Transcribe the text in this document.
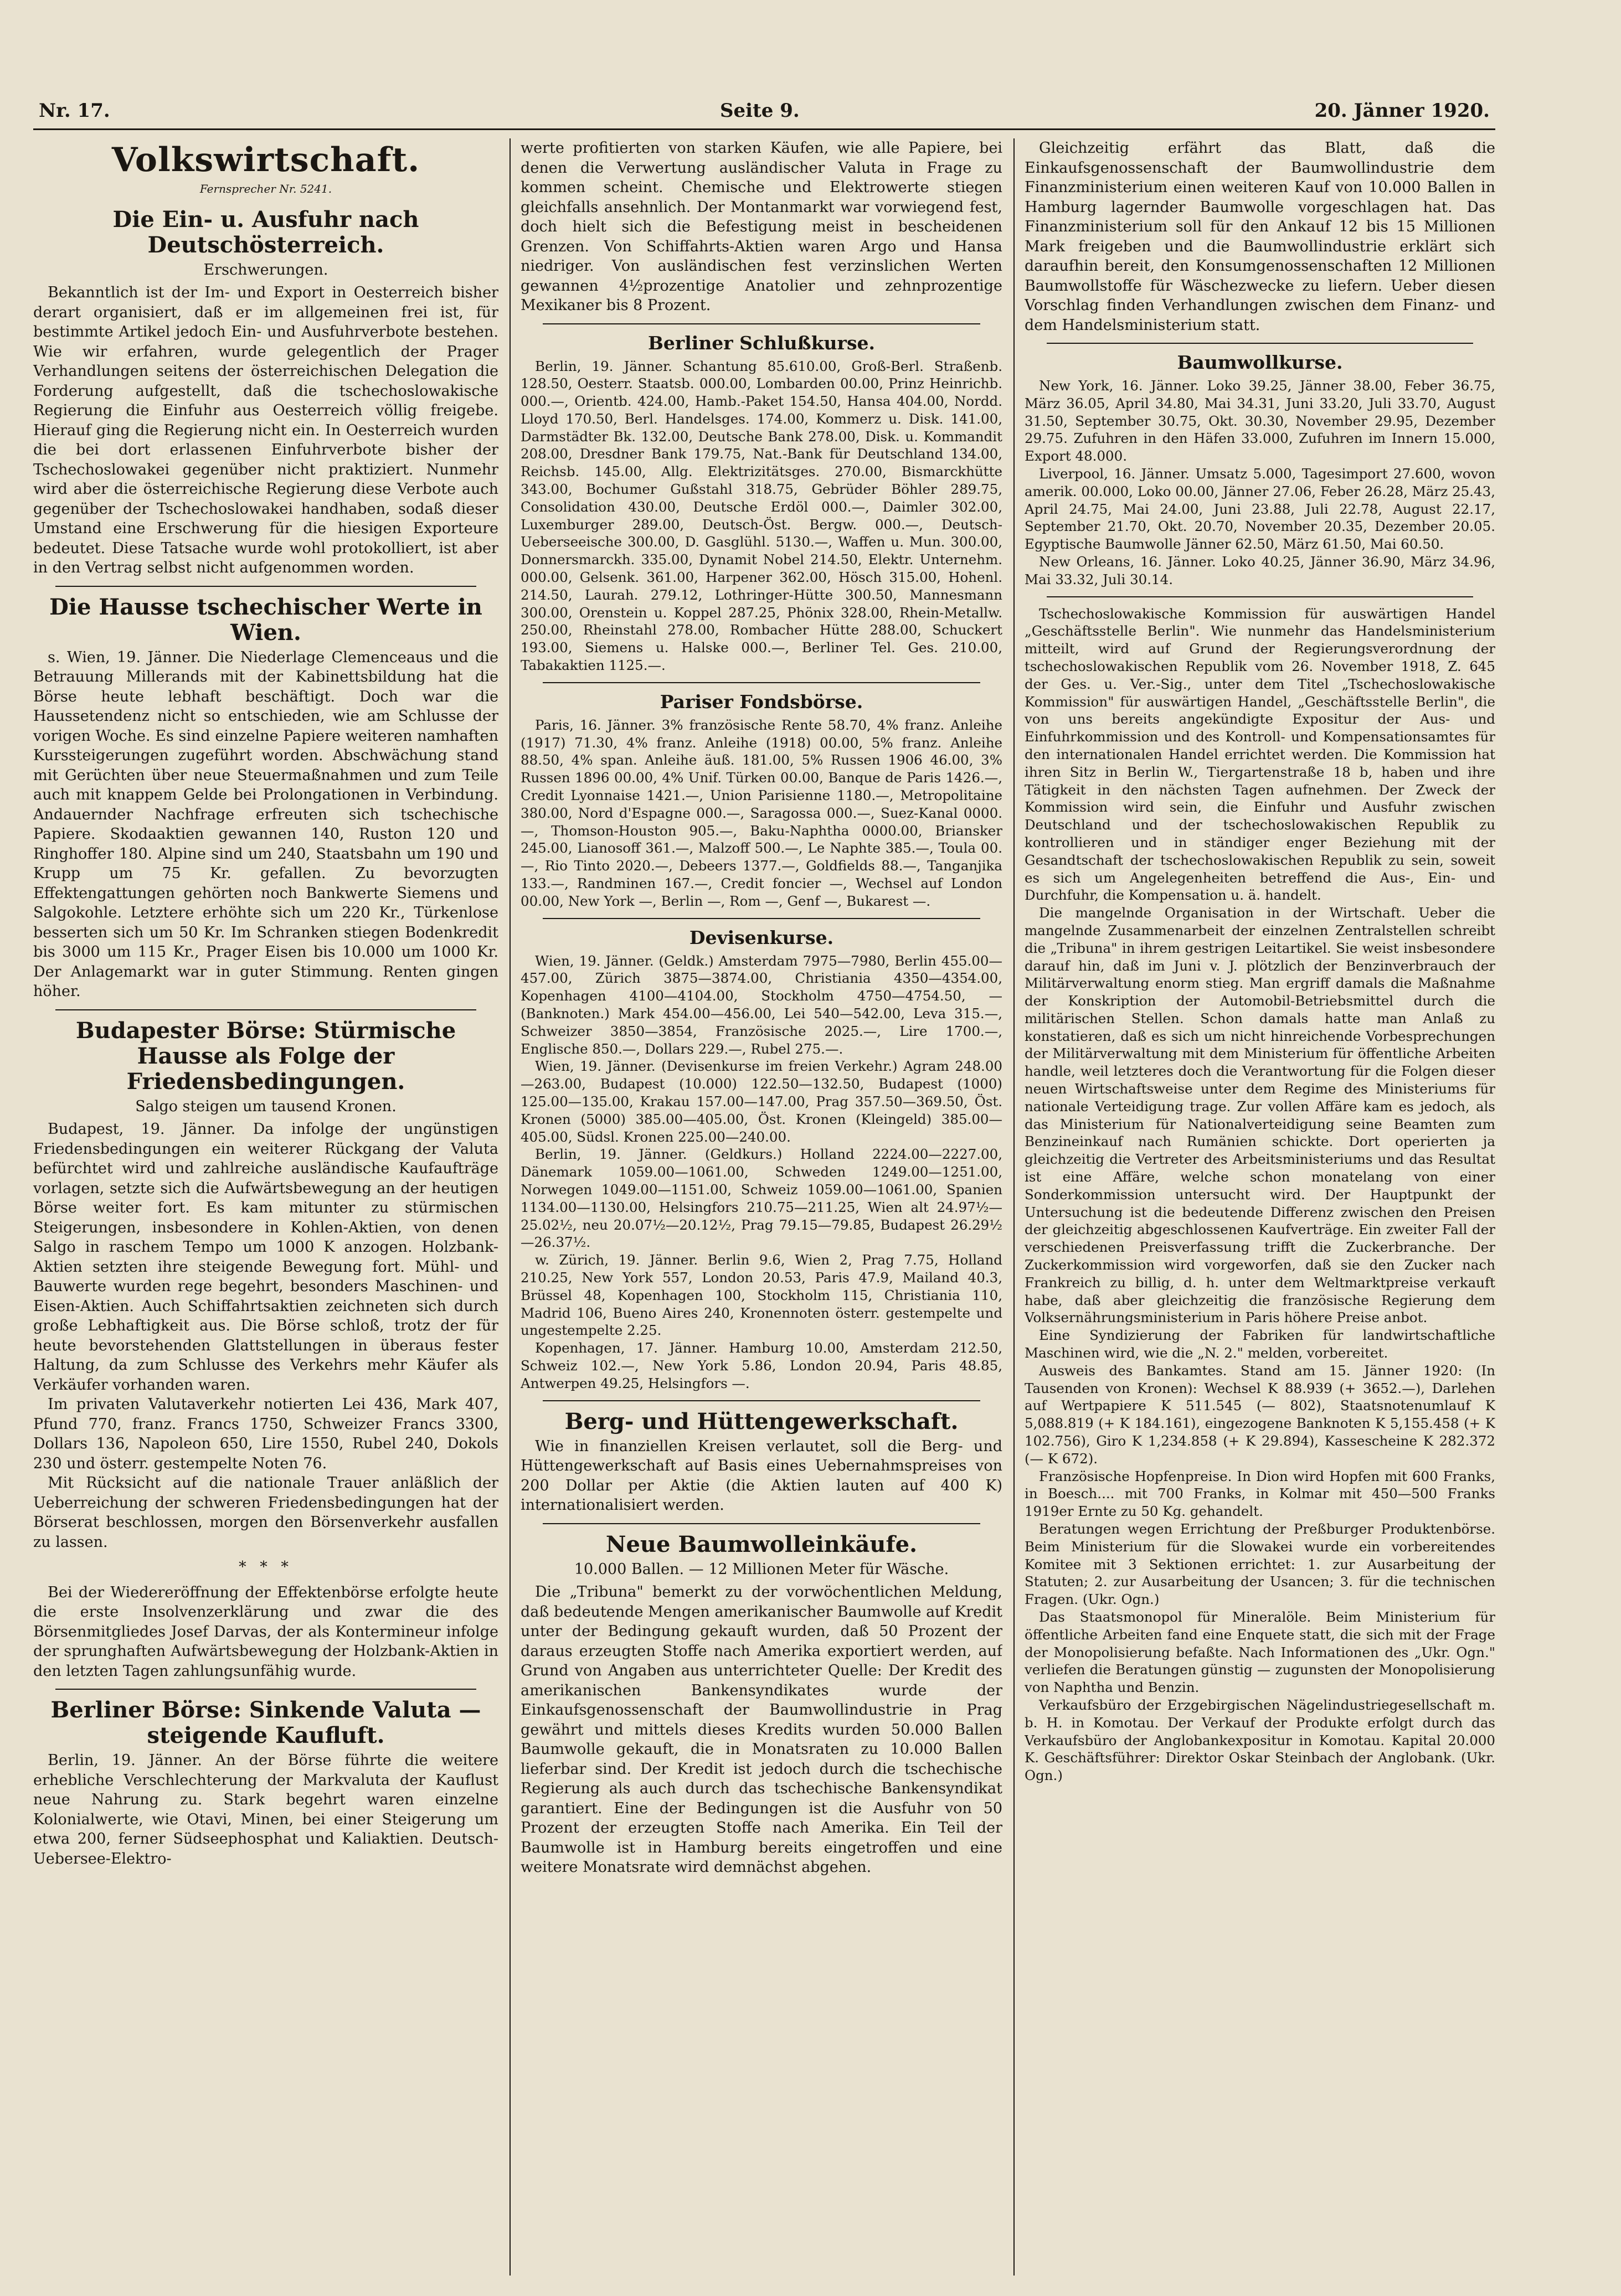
Nr. 17.	Seite 9.	20. Jänner 1920.
Volkswirtschaft.
Fernsprecher Nr. 5241.
Die Ein- u. Ausfuhr nach Deutschösterreich.
Erschwerungen.

Bekanntlich ist der Im- und Export in Oesterreich bisher derart organisiert, daß er im allgemeinen frei ist, für bestimmte Artikel jedoch Ein- und Ausfuhrverbote bestehen. Wie wir erfahren, wurde gelegentlich der Prager Verhandlungen seitens der österreichischen Delegation die Forderung aufgestellt, daß die tschechoslowakische Regierung die Einfuhr aus Oesterreich völlig freigebe. Hierauf ging die Regierung nicht ein. In Oesterreich wurden die bei dort erlassenen Einfuhrverbote bisher der Tschechoslowakei gegenüber nicht praktiziert. Nunmehr wird aber die österreichische Regierung diese Verbote auch gegenüber der Tschechoslowakei handhaben, sodaß dieser Umstand eine Erschwerung für die hiesigen Exporteure bedeutet. Diese Tatsache wurde wohl protokolliert, ist aber in den Vertrag selbst nicht aufgenommen worden.

Die Hausse tschechischer Werte in Wien.

s. Wien, 19. Jänner. Die Niederlage Clemenceaus und die Betrauung Millerands mit der Kabinettsbildung hat die Börse heute lebhaft beschäftigt. Doch war die Haussetendenz nicht so entschieden, wie am Schlusse der vorigen Woche. Es sind einzelne Papiere weiteren namhaften Kurssteigerungen zugeführt worden. Abschwächung stand mit Gerüchten über neue Steuermaßnahmen und zum Teile auch mit knappem Gelde bei Prolongationen in Verbindung. Andauernder Nachfrage erfreuten sich tschechische Papiere. Skodaaktien gewannen 140, Ruston 120 und Ringhoffer 180. Alpine sind um 240, Staatsbahn um 190 und Krupp um 75 Kr. gefallen. Zu bevorzugten Effektengattungen gehörten noch Bankwerte Siemens und Salgokohle. Letztere erhöhte sich um 220 Kr., Türkenlose besserten sich um 50 Kr. Im Schranken stiegen Bodenkredit bis 3000 um 115 Kr., Prager Eisen bis 10.000 um 1000 Kr. Der Anlagemarkt war in guter Stimmung. Renten gingen höher.

Budapester Börse: Stürmische Hausse als Folge der Friedensbedingungen.
Salgo steigen um tausend Kronen.

Budapest, 19. Jänner. Da infolge der ungünstigen Friedensbedingungen ein weiterer Rückgang der Valuta befürchtet wird und zahlreiche ausländische Kaufaufträge vorlagen, setzte sich die Aufwärtsbewegung an der heutigen Börse weiter fort. Es kam mitunter zu stürmischen Steigerungen, insbesondere in Kohlen-Aktien, von denen Salgo in raschem Tempo um 1000 K anzogen. Holzbank-Aktien setzten ihre steigende Bewegung fort. Mühl- und Bauwerte wurden rege begehrt, besonders Maschinen- und Eisen-Aktien. Auch Schiffahrtsaktien zeichneten sich durch große Lebhaftigkeit aus. Die Börse schloß, trotz der für heute bevorstehenden Glattstellungen in überaus fester Haltung, da zum Schlusse des Verkehrs mehr Käufer als Verkäufer vorhanden waren.

Im privaten Valutaverkehr notierten Lei 436, Mark 407, Pfund 770, franz. Francs 1750, Schweizer Francs 3300, Dollars 136, Napoleon 650, Lire 1550, Rubel 240, Dokols 230 und österr. gestempelte Noten 76.

Mit Rücksicht auf die nationale Trauer anläßlich der Ueberreichung der schweren Friedensbedingungen hat der Börserat beschlossen, morgen den Börsenverkehr ausfallen zu lassen.

* * *

Bei der Wiedereröffnung der Effektenbörse erfolgte heute die erste Insolvenzerklärung und zwar die des Börsenmitgliedes Josef Darvas, der als Kontermineur infolge der sprunghaften Aufwärtsbewegung der Holzbank-Aktien in den letzten Tagen zahlungsunfähig wurde.

Berliner Börse: Sinkende Valuta — steigende Kaufluft.

Berlin, 19. Jänner. An der Börse führte die weitere erhebliche Verschlechterung der Markvaluta der Kauflust neue Nahrung zu. Stark begehrt waren einzelne Kolonialwerte, wie Otavi, Minen, bei einer Steigerung um etwa 200, ferner Südseephosphat und Kaliaktien. Deutsch-Uebersee-Elektro-

werte profitierten von starken Käufen, wie alle Papiere, bei denen die Verwertung ausländischer Valuta in Frage zu kommen scheint. Chemische und Elektrowerte stiegen gleichfalls ansehnlich. Der Montanmarkt war vorwiegend fest, doch hielt sich die Befestigung meist in bescheidenen Grenzen. Von Schiffahrts-Aktien waren Argo und Hansa niedriger. Von ausländischen fest verzinslichen Werten gewannen 4½prozentige Anatolier und zehnprozentige Mexikaner bis 8 Prozent.

Berliner Schlußkurse.

Berlin, 19. Jänner. Schantung 85.610.00, Groß-Berl. Straßenb. 128.50, Oesterr. Staatsb. 000.00, Lombarden 00.00, Prinz Heinrichb. 000.—, Orientb. 424.00, Hamb.-Paket 154.50, Hansa 404.00, Nordd. Lloyd 170.50, Berl. Handelsges. 174.00, Kommerz u. Disk. 141.00, Darmstädter Bk. 132.00, Deutsche Bank 278.00, Disk. u. Kommandit 208.00, Dresdner Bank 179.75, Nat.-Bank für Deutschland 134.00, Reichsb. 145.00, Allg. Elektrizitätsges. 270.00, Bismarckhütte 343.00, Bochumer Gußstahl 318.75, Gebrüder Böhler 289.75, Consolidation 430.00, Deutsche Erdöl 000.—, Daimler 302.00, Luxemburger 289.00, Deutsch-Öst. Bergw. 000.—, Deutsch-Ueberseeische 300.00, D. Gasglühl. 5130.—, Waffen u. Mun. 300.00, Donnersmarckh. 335.00, Dynamit Nobel 214.50, Elektr. Unternehm. 000.00, Gelsenk. 361.00, Harpener 362.00, Hösch 315.00, Hohenl. 214.50, Laurah. 279.12, Lothringer-Hütte 300.50, Mannesmann 300.00, Orenstein u. Koppel 287.25, Phönix 328.00, Rhein-Metallw. 250.00, Rheinstahl 278.00, Rombacher Hütte 288.00, Schuckert 193.00, Siemens u. Halske 000.—, Berliner Tel. Ges. 210.00, Tabakaktien 1125.—.

Pariser Fondsbörse.

Paris, 16. Jänner. 3% französische Rente 58.70, 4% franz. Anleihe (1917) 71.30, 4% franz. Anleihe (1918) 00.00, 5% franz. Anleihe 88.50, 4% span. Anleihe äuß. 181.00, 5% Russen 1906 46.00, 3% Russen 1896 00.00, 4% Unif. Türken 00.00, Banque de Paris 1426.—, Credit Lyonnaise 1421.—, Union Parisienne 1180.—, Metropolitaine 380.00, Nord d'Espagne 000.—, Saragossa 000.—, Suez-Kanal 0000.—, Thomson-Houston 905.—, Baku-Naphtha 0000.00, Briansker 245.00, Lianosoff 361.—, Malzoff 500.—, Le Naphte 385.—, Toula 00.—, Rio Tinto 2020.—, Debeers 1377.—, Goldfields 88.—, Tanganjika 133.—, Randminen 167.—, Credit foncier —, Wechsel auf London 00.00, New York —, Berlin —, Rom —, Genf —, Bukarest —.

Devisenkurse.

Wien, 19. Jänner. (Geldk.) Amsterdam 7975—7980, Berlin 455.00—457.00, Zürich 3875—3874.00, Christiania 4350—4354.00, Kopenhagen 4100—4104.00, Stockholm 4750—4754.50, — (Banknoten.) Mark 454.00—456.00, Lei 540—542.00, Leva 315.—, Schweizer 3850—3854, Französische 2025.—, Lire 1700.—, Englische 850.—, Dollars 229.—, Rubel 275.—.

Wien, 19. Jänner. (Devisenkurse im freien Verkehr.) Agram 248.00—263.00, Budapest (10.000) 122.50—132.50, Budapest (1000) 125.00—135.00, Krakau 157.00—147.00, Prag 357.50—369.50, Öst. Kronen (5000) 385.00—405.00, Öst. Kronen (Kleingeld) 385.00—405.00, Südsl. Kronen 225.00—240.00.

Berlin, 19. Jänner. (Geldkurs.) Holland 2224.00—2227.00, Dänemark 1059.00—1061.00, Schweden 1249.00—1251.00, Norwegen 1049.00—1151.00, Schweiz 1059.00—1061.00, Spanien 1134.00—1130.00, Helsingfors 210.75—211.25, Wien alt 24.97½—25.02½, neu 20.07½—20.12½, Prag 79.15—79.85, Budapest 26.29½—26.37½.

w. Zürich, 19. Jänner. Berlin 9.6, Wien 2, Prag 7.75, Holland 210.25, New York 557, London 20.53, Paris 47.9, Mailand 40.3, Brüssel 48, Kopenhagen 100, Stockholm 115, Christiania 110, Madrid 106, Bueno Aires 240, Kronennoten österr. gestempelte und ungestempelte 2.25.

Kopenhagen, 17. Jänner. Hamburg 10.00, Amsterdam 212.50, Schweiz 102.—, New York 5.86, London 20.94, Paris 48.85, Antwerpen 49.25, Helsingfors —.

Berg- und Hüttengewerkschaft.

Wie in finanziellen Kreisen verlautet, soll die Berg- und Hüttengewerkschaft auf Basis eines Uebernahmspreises von 200 Dollar per Aktie (die Aktien lauten auf 400 K) internationalisiert werden.

Neue Baumwolleinkäufe.
10.000 Ballen. — 12 Millionen Meter für Wäsche.

Die „Tribuna" bemerkt zu der vorwöchentlichen Meldung, daß bedeutende Mengen amerikanischer Baumwolle auf Kredit unter der Bedingung gekauft wurden, daß 50 Prozent der daraus erzeugten Stoffe nach Amerika exportiert werden, auf Grund von Angaben aus unterrichteter Quelle: Der Kredit des amerikanischen Bankensyndikates wurde der Einkaufsgenossenschaft der Baumwollindustrie in Prag gewährt und mittels dieses Kredits wurden 50.000 Ballen Baumwolle gekauft, die in Monatsraten zu 10.000 Ballen lieferbar sind. Der Kredit ist jedoch durch die tschechische Regierung als auch durch das tschechische Bankensyndikat garantiert. Eine der Bedingungen ist die Ausfuhr von 50 Prozent der erzeugten Stoffe nach Amerika. Ein Teil der Baumwolle ist in Hamburg bereits eingetroffen und eine weitere Monatsrate wird demnächst abgehen.

Gleichzeitig erfährt das Blatt, daß die Einkaufsgenossenschaft der Baumwollindustrie dem Finanzministerium einen weiteren Kauf von 10.000 Ballen in Hamburg lagernder Baumwolle vorgeschlagen hat. Das Finanzministerium soll für den Ankauf 12 bis 15 Millionen Mark freigeben und die Baumwollindustrie erklärt sich daraufhin bereit, den Konsumgenossenschaften 12 Millionen Baumwollstoffe für Wäschezwecke zu liefern. Ueber diesen Vorschlag finden Verhandlungen zwischen dem Finanz- und dem Handelsministerium statt.

Baumwollkurse.

New York, 16. Jänner. Loko 39.25, Jänner 38.00, Feber 36.75, März 36.05, April 34.80, Mai 34.31, Juni 33.20, Juli 33.70, August 31.50, September 30.75, Okt. 30.30, November 29.95, Dezember 29.75. Zufuhren in den Häfen 33.000, Zufuhren im Innern 15.000, Export 48.000.

Liverpool, 16. Jänner. Umsatz 5.000, Tagesimport 27.600, wovon amerik. 00.000, Loko 00.00, Jänner 27.06, Feber 26.28, März 25.43, April 24.75, Mai 24.00, Juni 23.88, Juli 22.78, August 22.17, September 21.70, Okt. 20.70, November 20.35, Dezember 20.05. Egyptische Baumwolle Jänner 62.50, März 61.50, Mai 60.50.

New Orleans, 16. Jänner. Loko 40.25, Jänner 36.90, März 34.96, Mai 33.32, Juli 30.14.

Tschechoslowakische Kommission für auswärtigen Handel „Geschäftsstelle Berlin". Wie nunmehr das Handelsministerium mitteilt, wird auf Grund der Regierungsverordnung der tschechoslowakischen Republik vom 26. November 1918, Z. 645 der Ges. u. Ver.-Sig., unter dem Titel „Tschechoslowakische Kommission" für auswärtigen Handel, „Geschäftsstelle Berlin", die von uns bereits angekündigte Expositur der Aus- und Einfuhrkommission und des Kontroll- und Kompensationsamtes für den internationalen Handel errichtet werden. Die Kommission hat ihren Sitz in Berlin W., Tiergartenstraße 18 b, haben und ihre Tätigkeit in den nächsten Tagen aufnehmen. Der Zweck der Kommission wird sein, die Einfuhr und Ausfuhr zwischen Deutschland und der tschechoslowakischen Republik zu kontrollieren und in ständiger enger Beziehung mit der Gesandtschaft der tschechoslowakischen Republik zu sein, soweit es sich um Angelegenheiten betreffend die Aus-, Ein- und Durchfuhr, die Kompensation u. ä. handelt.

Die mangelnde Organisation in der Wirtschaft. Ueber die mangelnde Zusammenarbeit der einzelnen Zentralstellen schreibt die „Tribuna" in ihrem gestrigen Leitartikel. Sie weist insbesondere darauf hin, daß im Juni v. J. plötzlich der Benzinverbrauch der Militärverwaltung enorm stieg. Man ergriff damals die Maßnahme der Konskription der Automobil-Betriebsmittel durch die militärischen Stellen. Schon damals hatte man Anlaß zu konstatieren, daß es sich um nicht hinreichende Vorbesprechungen der Militärverwaltung mit dem Ministerium für öffentliche Arbeiten handle, weil letzteres doch die Verantwortung für die Folgen dieser neuen Wirtschaftsweise unter dem Regime des Ministeriums für nationale Verteidigung trage. Zur vollen Affäre kam es jedoch, als das Ministerium für Nationalverteidigung seine Beamten zum Benzineinkauf nach Rumänien schickte. Dort operierten ja gleichzeitig die Vertreter des Arbeitsministeriums und das Resultat ist eine Affäre, welche schon monatelang von einer Sonderkommission untersucht wird. Der Hauptpunkt der Untersuchung ist die bedeutende Differenz zwischen den Preisen der gleichzeitig abgeschlossenen Kaufverträge. Ein zweiter Fall der verschiedenen Preisverfassung trifft die Zuckerbranche. Der Zuckerkommission wird vorgeworfen, daß sie den Zucker nach Frankreich zu billig, d. h. unter dem Weltmarktpreise verkauft habe, daß aber gleichzeitig die französische Regierung dem Volksernährungsministerium in Paris höhere Preise anbot.

Eine Syndizierung der Fabriken für landwirtschaftliche Maschinen wird, wie die „N. 2." melden, vorbereitet.

Ausweis des Bankamtes. Stand am 15. Jänner 1920: (In Tausenden von Kronen): Wechsel K 88.939 (+ 3652.—), Darlehen auf Wertpapiere K 511.545 (— 802), Staatsnotenumlauf K 5,088.819 (+ K 184.161), eingezogene Banknoten K 5,155.458 (+ K 102.756), Giro K 1,234.858 (+ K 29.894), Kassescheine K 282.372 (— K 672).

Französische Hopfenpreise. In Dion wird Hopfen mit 600 Franks, in Boesch.... mit 700 Franks, in Kolmar mit 450—500 Franks 1919er Ernte zu 50 Kg. gehandelt.

Beratungen wegen Errichtung der Preßburger Produktenbörse. Beim Ministerium für die Slowakei wurde ein vorbereitendes Komitee mit 3 Sektionen errichtet: 1. zur Ausarbeitung der Statuten; 2. zur Ausarbeitung der Usancen; 3. für die technischen Fragen. (Ukr. Ogn.)

Das Staatsmonopol für Mineralöle. Beim Ministerium für öffentliche Arbeiten fand eine Enquete statt, die sich mit der Frage der Monopolisierung befaßte. Nach Informationen des „Ukr. Ogn." verliefen die Beratungen günstig — zugunsten der Monopolisierung von Naphtha und Benzin.

Verkaufsbüro der Erzgebirgischen Nägelindustriegesellschaft m. b. H. in Komotau. Der Verkauf der Produkte erfolgt durch das Verkaufsbüro der Anglobankexpositur in Komotau. Kapital 20.000 K. Geschäftsführer: Direktor Oskar Steinbach der Anglobank. (Ukr. Ogn.)
